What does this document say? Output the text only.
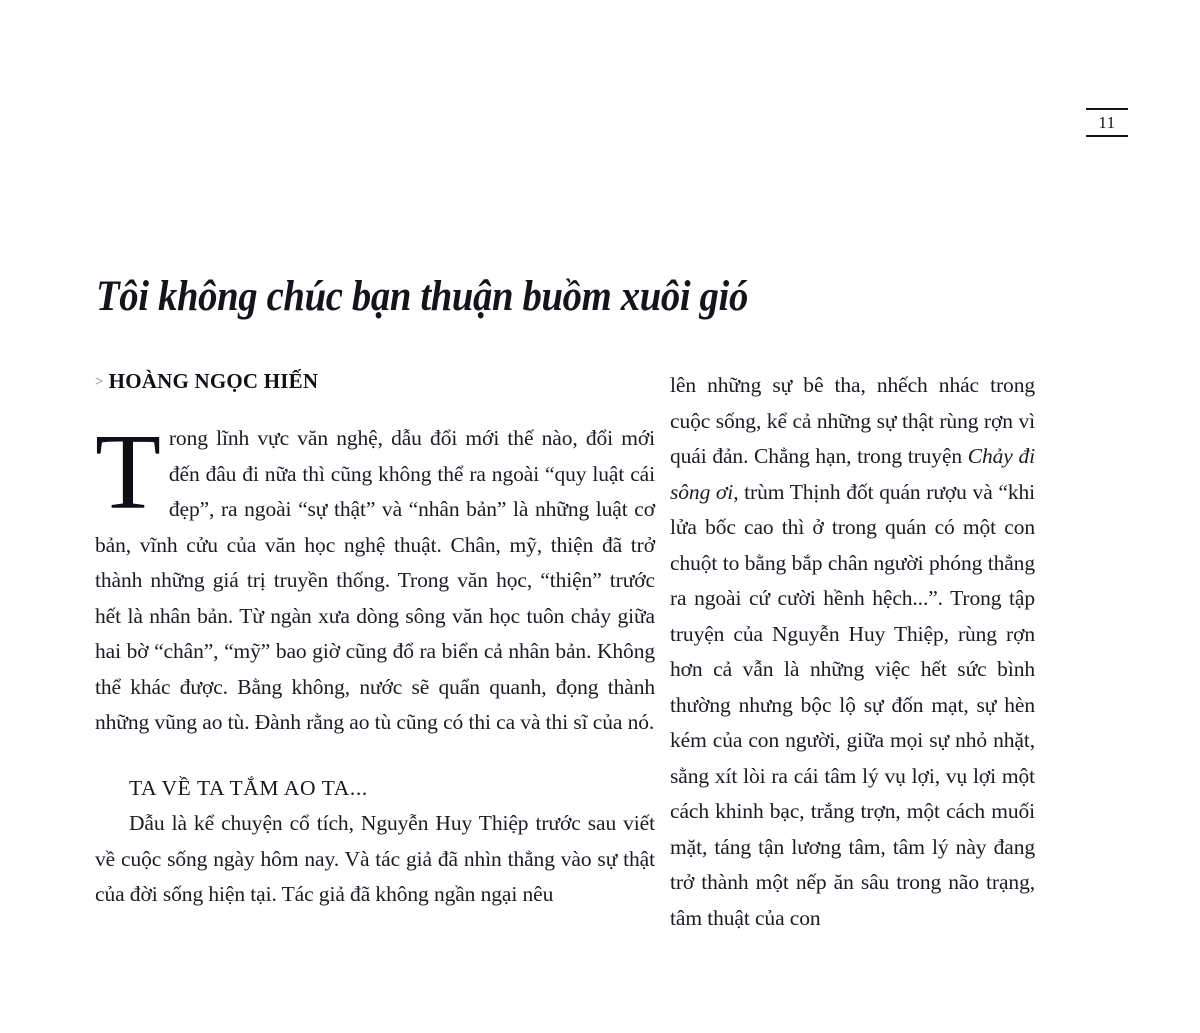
11
Tôi không chúc bạn thuận buồm xuôi gió
> HOÀNG NGỌC HIẾN

Trong lĩnh vực văn nghệ, dẫu đổi mới thế nào, đổi mới đến đâu đi nữa thì cũng không thể ra ngoài “quy luật cái đẹp”, ra ngoài “sự thật” và “nhân bản” là những luật cơ bản, vĩnh cửu của văn học nghệ thuật. Chân, mỹ, thiện đã trở thành những giá trị truyền thống. Trong văn học, “thiện” trước hết là nhân bản. Từ ngàn xưa dòng sông văn học tuôn chảy giữa hai bờ “chân”, “mỹ” bao giờ cũng đổ ra biển cả nhân bản. Không thể khác được. Bằng không, nước sẽ quẩn quanh, đọng thành những vũng ao tù. Đành rằng ao tù cũng có thi ca và thi sĩ của nó.

TA VỀ TA TẮM AO TA...

Dẫu là kể chuyện cổ tích, Nguyễn Huy Thiệp trước sau viết về cuộc sống ngày hôm nay. Và tác giả đã nhìn thẳng vào sự thật của đời sống hiện tại. Tác giả đã không ngần ngại nêu

lên những sự bê tha, nhếch nhác trong cuộc sống, kể cả những sự thật rùng rợn vì quái đản. Chẳng hạn, trong truyện Chảy đi sông ơi, trùm Thịnh đốt quán rượu và “khi lửa bốc cao thì ở trong quán có một con chuột to bằng bắp chân người phóng thẳng ra ngoài cứ cười hềnh hệch...”. Trong tập truyện của Nguyễn Huy Thiệp, rùng rợn hơn cả vẫn là những việc hết sức bình thường nhưng bộc lộ sự đốn mạt, sự hèn kém của con người, giữa mọi sự nhỏ nhặt, sằng xít lòi ra cái tâm lý vụ lợi, vụ lợi một cách khinh bạc, trắng trợn, một cách muối mặt, táng tận lương tâm, tâm lý này đang trở thành một nếp ăn sâu trong não trạng, tâm thuật của con
